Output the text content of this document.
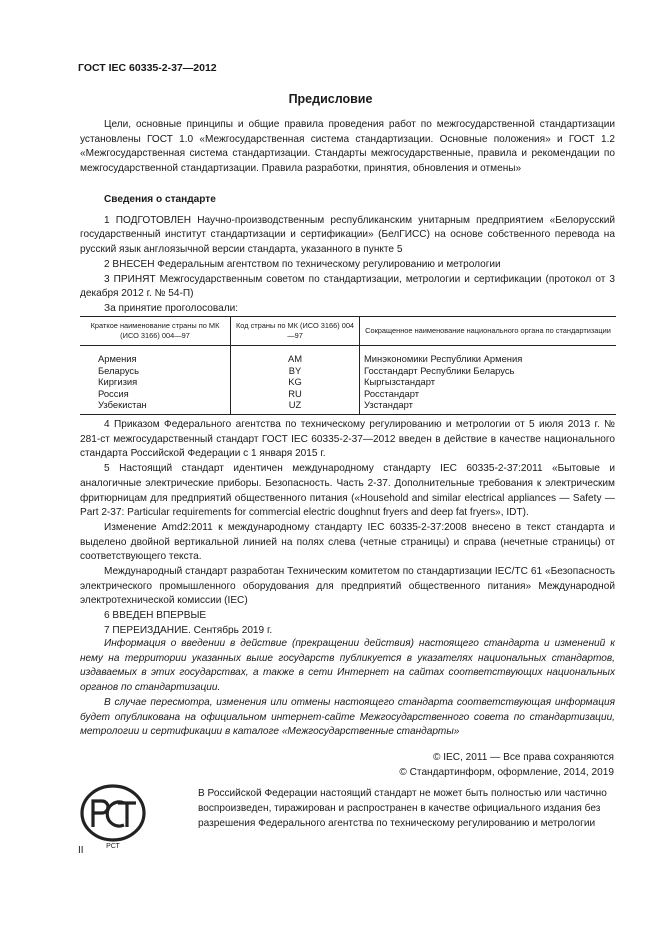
ГОСТ IEC 60335-2-37—2012
Предисловие

Цели, основные принципы и общие правила проведения работ по межгосударственной стандартизации установлены ГОСТ 1.0 «Межгосударственная система стандартизации. Основные положения» и ГОСТ 1.2 «Межгосударственная система стандартизации. Стандарты межгосударственные, правила и рекомендации по межгосударственной стандартизации. Правила разработки, принятия, обновления и отмены»

Сведения о стандарте

1 ПОДГОТОВЛЕН Научно-производственным республиканским унитарным предприятием «Белорусский государственный институт стандартизации и сертификации» (БелГИСС) на основе собственного перевода на русский язык англоязычной версии стандарта, указанного в пункте 5

2 ВНЕСЕН Федеральным агентством по техническому регулированию и метрологии

3 ПРИНЯТ Межгосударственным советом по стандартизации, метрологии и сертификации (протокол от 3 декабря 2012 г. № 54-П)

За принятие проголосовали:

Краткое наименование страны по МК (ИСО 3166) 004—97	Код страны по МК (ИСО 3166) 004—97	Сокращенное наименование национального органа по стандартизации
Армения	AM	Минэкономики Республики Армения
Беларусь	BY	Госстандарт Республики Беларусь
Киргизия	KG	Кыргызстандарт
Россия	RU	Росстандарт
Узбекистан	UZ	Узстандарт

4 Приказом Федерального агентства по техническому регулированию и метрологии от 5 июля 2013 г. № 281-ст межгосударственный стандарт ГОСТ IEC 60335-2-37—2012 введен в действие в качестве национального стандарта Российской Федерации с 1 января 2015 г.

5 Настоящий стандарт идентичен международному стандарту IEC 60335-2-37:2011 «Бытовые и аналогичные электрические приборы. Безопасность. Часть 2-37. Дополнительные требования к электрическим фритюрницам для предприятий общественного питания («Household and similar electrical appliances — Safety — Part 2-37: Particular requirements for commercial electric doughnut fryers and deep fat fryers», IDT).

Изменение Amd2:2011 к международному стандарту IEC 60335-2-37:2008 внесено в текст стандарта и выделено двойной вертикальной линией на полях слева (четные страницы) и справа (нечетные страницы) от соответствующего текста.

Международный стандарт разработан Техническим комитетом по стандартизации IEC/TC 61 «Безопасность электрического промышленного оборудования для предприятий общественного питания» Международной электротехнической комиссии (IEC)

6 ВВЕДЕН ВПЕРВЫЕ

7 ПЕРЕИЗДАНИЕ. Сентябрь 2019 г.

Информация о введении в действие (прекращении действия) настоящего стандарта и изменений к нему на территории указанных выше государств публикуется в указателях национальных стандартов, издаваемых в этих государствах, а также в сети Интернет на сайтах соответствующих национальных органов по стандартизации.

В случае пересмотра, изменения или отмены настоящего стандарта соответствующая информация будет опубликована на официальном интернет-сайте Межгосударственного совета по стандартизации, метрологии и сертификации в каталоге «Межгосударственные стандарты»

© IEC, 2011 — Все права сохраняются
© Стандартинформ, оформление, 2014, 2019
РСТ
В Российской Федерации настоящий стандарт не может быть полностью или частично воспроизведен, тиражирован и распространен в качестве официального издания без разрешения Федерального агентства по техническому регулированию и метрологии
II
